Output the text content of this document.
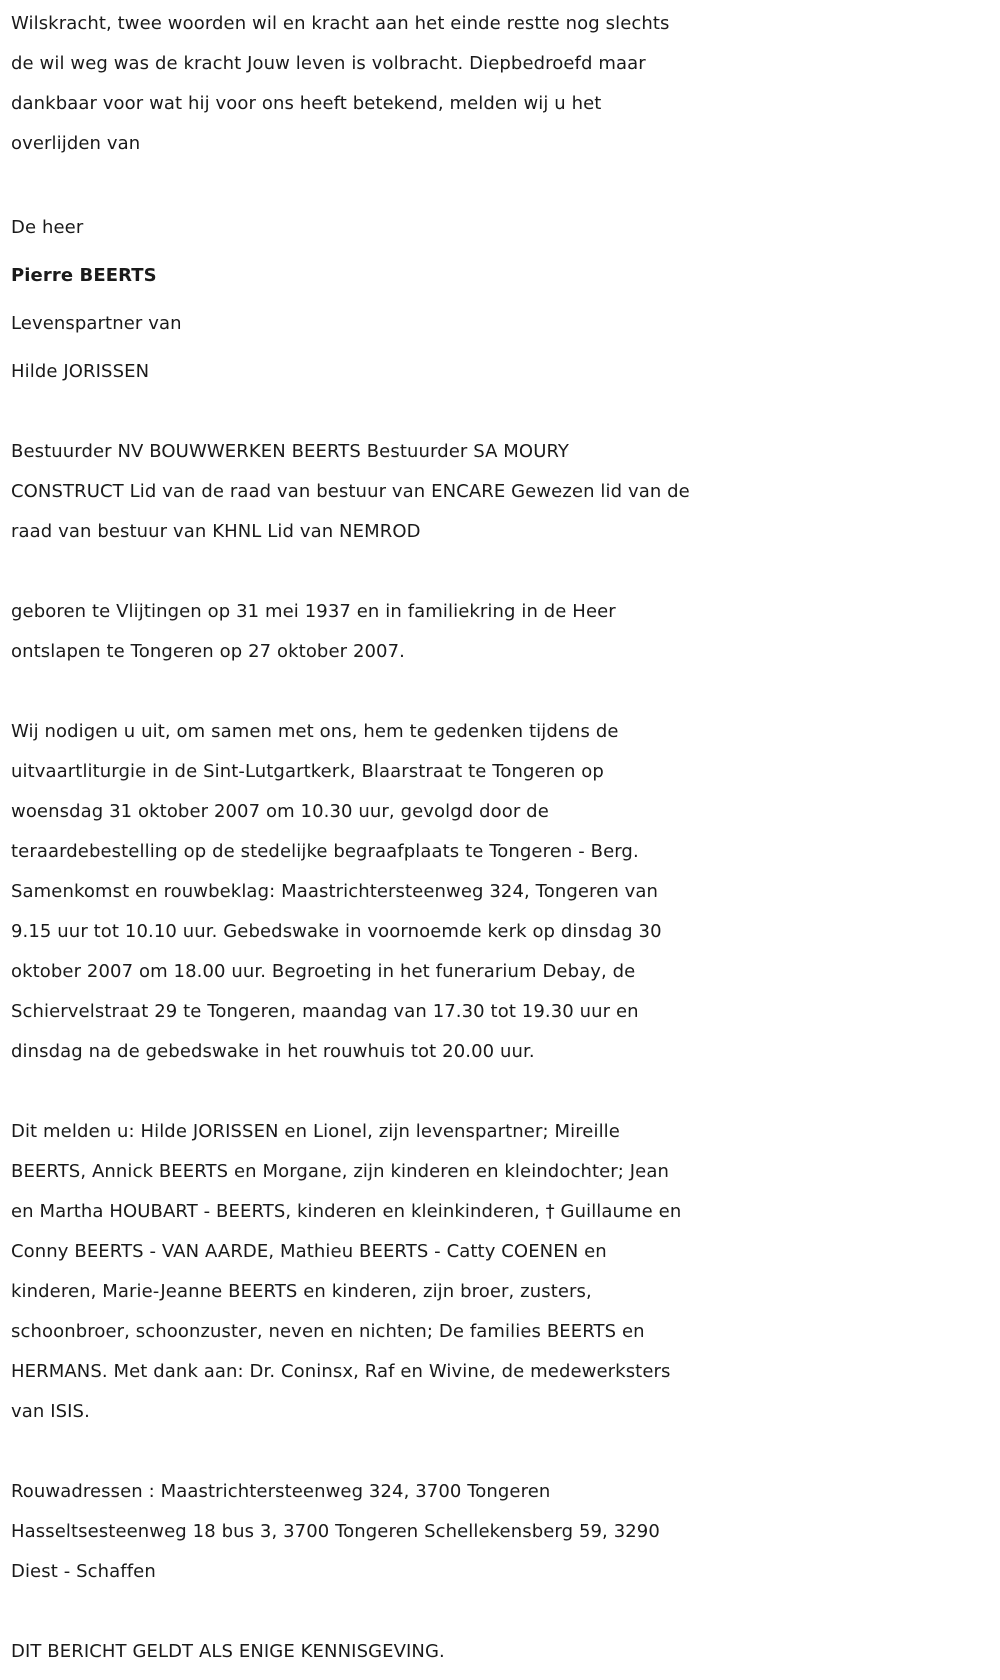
Wilskracht, twee woorden wil en kracht aan het einde restte nog slechts
de wil weg was de kracht Jouw leven is volbracht. Diepbedroefd maar
dankbaar voor wat hij voor ons heeft betekend, melden wij u het
overlijden van
De heer
Pierre BEERTS
Levenspartner van
Hilde JORISSEN
Bestuurder NV BOUWWERKEN BEERTS Bestuurder SA MOURY
CONSTRUCT Lid van de raad van bestuur van ENCARE Gewezen lid van de
raad van bestuur van KHNL Lid van NEMROD
geboren te Vlijtingen op 31 mei 1937 en in familiekring in de Heer
ontslapen te Tongeren op 27 oktober 2007.
Wij nodigen u uit, om samen met ons, hem te gedenken tijdens de
uitvaartliturgie in de Sint-Lutgartkerk, Blaarstraat te Tongeren op
woensdag 31 oktober 2007 om 10.30 uur, gevolgd door de
teraardebestelling op de stedelijke begraafplaats te Tongeren - Berg.
Samenkomst en rouwbeklag: Maastrichtersteenweg 324, Tongeren van
9.15 uur tot 10.10 uur. Gebedswake in voornoemde kerk op dinsdag 30
oktober 2007 om 18.00 uur. Begroeting in het funerarium Debay, de
Schiervelstraat 29 te Tongeren, maandag van 17.30 tot 19.30 uur en
dinsdag na de gebedswake in het rouwhuis tot 20.00 uur.
Dit melden u: Hilde JORISSEN en Lionel, zijn levenspartner; Mireille
BEERTS, Annick BEERTS en Morgane, zijn kinderen en kleindochter; Jean
en Martha HOUBART - BEERTS, kinderen en kleinkinderen, † Guillaume en
Conny BEERTS - VAN AARDE, Mathieu BEERTS - Catty COENEN en
kinderen, Marie-Jeanne BEERTS en kinderen, zijn broer, zusters,
schoonbroer, schoonzuster, neven en nichten; De families BEERTS en
HERMANS. Met dank aan: Dr. Coninsx, Raf en Wivine, de medewerksters
van ISIS.
Rouwadressen : Maastrichtersteenweg 324, 3700 Tongeren
Hasseltsesteenweg 18 bus 3, 3700 Tongeren Schellekensberg 59, 3290
Diest - Schaffen
DIT BERICHT GELDT ALS ENIGE KENNISGEVING.
